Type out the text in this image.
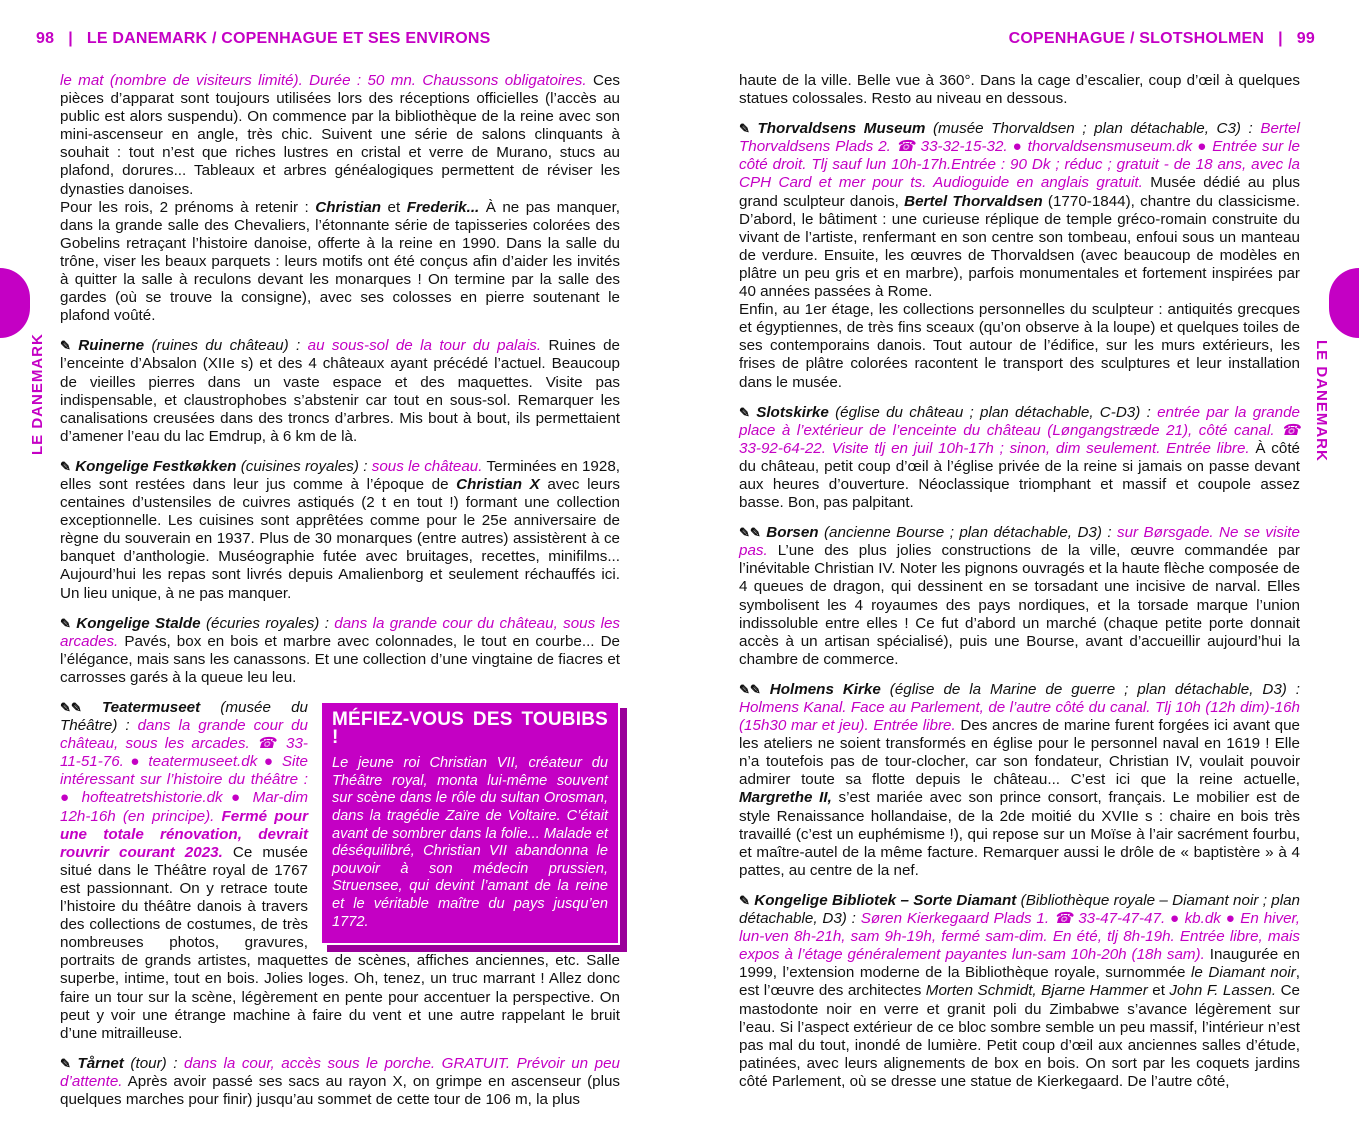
98 | LE DANEMARK / COPENHAGUE ET SES ENVIRONS	COPENHAGUE / SLOTSHOLMEN | 99
LE DANEMARK	LE DANEMARK

le mat (nombre de visiteurs limité). Durée : 50 mn. Chaussons obligatoires. Ces pièces d’apparat sont toujours utilisées lors des réceptions officielles (l’accès au public est alors suspendu). On commence par la bibliothèque de la reine avec son mini-ascenseur en angle, très chic. Suivent une série de salons clinquants à souhait : tout n’est que riches lustres en cristal et verre de Murano, stucs au plafond, dorures... Tableaux et arbres généalogiques permettent de réviser les dynasties danoises.

Pour les rois, 2 prénoms à retenir : Christian et Frederik... À ne pas manquer, dans la grande salle des Chevaliers, l’étonnante série de tapisseries colorées des Gobelins retraçant l’histoire danoise, offerte à la reine en 1990. Dans la salle du trône, viser les beaux parquets : leurs motifs ont été conçus afin d’aider les invités à quitter la salle à reculons devant les monarques ! On termine par la salle des gardes (où se trouve la consigne), avec ses colosses en pierre soutenant le plafond voûté.

✎ Ruinerne (ruines du château) : au sous-sol de la tour du palais. Ruines de l’enceinte d’Absalon (XIIe s) et des 4 châteaux ayant précédé l’actuel. Beaucoup de vieilles pierres dans un vaste espace et des maquettes. Visite pas indispensable, et claustrophobes s’abstenir car tout en sous-sol. Remarquer les canalisations creusées dans des troncs d’arbres. Mis bout à bout, ils permettaient d’amener l’eau du lac Emdrup, à 6 km de là.

✎ Kongelige Festkøkken (cuisines royales) : sous le château. Terminées en 1928, elles sont restées dans leur jus comme à l’époque de Christian X avec leurs centaines d’ustensiles de cuivres astiqués (2 t en tout !) formant une collection exceptionnelle. Les cuisines sont apprêtées comme pour le 25e anniversaire de règne du souverain en 1937. Plus de 30 monarques (entre autres) assistèrent à ce banquet d’anthologie. Muséographie futée avec bruitages, recettes, minifilms... Aujourd’hui les repas sont livrés depuis Amalienborg et seulement réchauffés ici. Un lieu unique, à ne pas manquer.

✎ Kongelige Stalde (écuries royales) : dans la grande cour du château, sous les arcades. Pavés, box en bois et marbre avec colonnades, le tout en courbe... De l’élégance, mais sans les canassons. Et une collection d’une vingtaine de fiacres et carrosses garés à la queue leu leu.

MÉFIEZ-VOUS DES TOUBIBS !
Le jeune roi Christian VII, créateur du Théâtre royal, monta lui-même souvent sur scène dans le rôle du sultan Orosman, dans la tragédie Zaïre de Voltaire. C’était avant de sombrer dans la folie... Malade et déséquilibré, Christian VII abandonna le pouvoir à son médecin prussien, Struensee, qui devint l’amant de la reine et le véritable maître du pays jusqu’en 1772.

✎✎ Teatermuseet (musée du Théâtre) : dans la grande cour du château, sous les arcades. ☎ 33-11-51-76. ● teatermuseet.dk ● Site intéressant sur l’histoire du théâtre : ● hofteatretshistorie.dk ● Mar-dim 12h-16h (en principe). Fermé pour une totale rénovation, devrait rouvrir courant 2023. Ce musée situé dans le Théâtre royal de 1767 est passionnant. On y retrace toute l’histoire du théâtre danois à travers des collections de costumes, de très nombreuses photos, gravures, portraits de grands artistes, maquettes de scènes, affiches anciennes, etc. Salle superbe, intime, tout en bois. Jolies loges. Oh, tenez, un truc marrant ! Allez donc faire un tour sur la scène, légèrement en pente pour accentuer la perspective. On peut y voir une étrange machine à faire du vent et une autre rappelant le bruit d’une mitrailleuse.

✎ Tårnet (tour) : dans la cour, accès sous le porche. GRATUIT. Prévoir un peu d’attente. Après avoir passé ses sacs au rayon X, on grimpe en ascenseur (plus quelques marches pour finir) jusqu’au sommet de cette tour de 106 m, la plus

haute de la ville. Belle vue à 360°. Dans la cage d’escalier, coup d’œil à quelques statues colossales. Resto au niveau en dessous.

✎ Thorvaldsens Museum (musée Thorvaldsen ; plan détachable, C3) : Bertel Thorvaldsens Plads 2. ☎ 33-32-15-32. ● thorvaldsensmuseum.dk ● Entrée sur le côté droit. Tlj sauf lun 10h-17h.Entrée : 90 Dk ; réduc ; gratuit - de 18 ans, avec la CPH Card et mer pour ts. Audioguide en anglais gratuit. Musée dédié au plus grand sculpteur danois, Bertel Thorvaldsen (1770-1844), chantre du classicisme. D’abord, le bâtiment : une curieuse réplique de temple gréco-romain construite du vivant de l’artiste, renfermant en son centre son tombeau, enfoui sous un manteau de verdure. Ensuite, les œuvres de Thorvaldsen (avec beaucoup de modèles en plâtre un peu gris et en marbre), parfois monumentales et fortement inspirées par 40 années passées à Rome.

Enfin, au 1er étage, les collections personnelles du sculpteur : antiquités grecques et égyptiennes, de très fins sceaux (qu’on observe à la loupe) et quelques toiles de ses contemporains danois. Tout autour de l’édifice, sur les murs extérieurs, les frises de plâtre colorées racontent le transport des sculptures et leur installation dans le musée.

✎ Slotskirke (église du château ; plan détachable, C-D3) : entrée par la grande place à l’extérieur de l’enceinte du château (Løngangstræde 21), côté canal. ☎ 33-92-64-22. Visite tlj en juil 10h-17h ; sinon, dim seulement. Entrée libre. À côté du château, petit coup d’œil à l’église privée de la reine si jamais on passe devant aux heures d’ouverture. Néoclassique triomphant et massif et coupole assez basse. Bon, pas palpitant.

✎✎ Borsen (ancienne Bourse ; plan détachable, D3) : sur Børsgade. Ne se visite pas. L’une des plus jolies constructions de la ville, œuvre commandée par l’inévitable Christian IV. Noter les pignons ouvragés et la haute flèche composée de 4 queues de dragon, qui dessinent en se torsadant une incisive de narval. Elles symbolisent les 4 royaumes des pays nordiques, et la torsade marque l’union indissoluble entre elles ! Ce fut d’abord un marché (chaque petite porte donnait accès à un artisan spécialisé), puis une Bourse, avant d’accueillir aujourd’hui la chambre de commerce.

✎✎ Holmens Kirke (église de la Marine de guerre ; plan détachable, D3) : Holmens Kanal. Face au Parlement, de l’autre côté du canal. Tlj 10h (12h dim)-16h (15h30 mar et jeu). Entrée libre. Des ancres de marine furent forgées ici avant que les ateliers ne soient transformés en église pour le personnel naval en 1619 ! Elle n’a toutefois pas de tour-clocher, car son fondateur, Christian IV, voulait pouvoir admirer toute sa flotte depuis le château... C’est ici que la reine actuelle, Margrethe II, s’est mariée avec son prince consort, français. Le mobilier est de style Renaissance hollandaise, de la 2de moitié du XVIIe s : chaire en bois très travaillé (c’est un euphémisme !), qui repose sur un Moïse à l’air sacrément fourbu, et maître-autel de la même facture. Remarquer aussi le drôle de « baptistère » à 4 pattes, au centre de la nef.

✎ Kongelige Bibliotek – Sorte Diamant (Bibliothèque royale – Diamant noir ; plan détachable, D3) : Søren Kierkegaard Plads 1. ☎ 33-47-47-47. ● kb.dk ● En hiver, lun-ven 8h-21h, sam 9h-19h, fermé sam-dim. En été, tlj 8h-19h. Entrée libre, mais expos à l’étage généralement payantes lun-sam 10h-20h (18h sam). Inaugurée en 1999, l’extension moderne de la Bibliothèque royale, surnommée le Diamant noir, est l’œuvre des architectes Morten Schmidt, Bjarne Hammer et John F. Lassen. Ce mastodonte noir en verre et granit poli du Zimbabwe s’avance légèrement sur l’eau. Si l’aspect extérieur de ce bloc sombre semble un peu massif, l’intérieur n’est pas mal du tout, inondé de lumière. Petit coup d’œil aux anciennes salles d’étude, patinées, avec leurs alignements de box en bois. On sort par les coquets jardins côté Parlement, où se dresse une statue de Kierkegaard. De l’autre côté,
